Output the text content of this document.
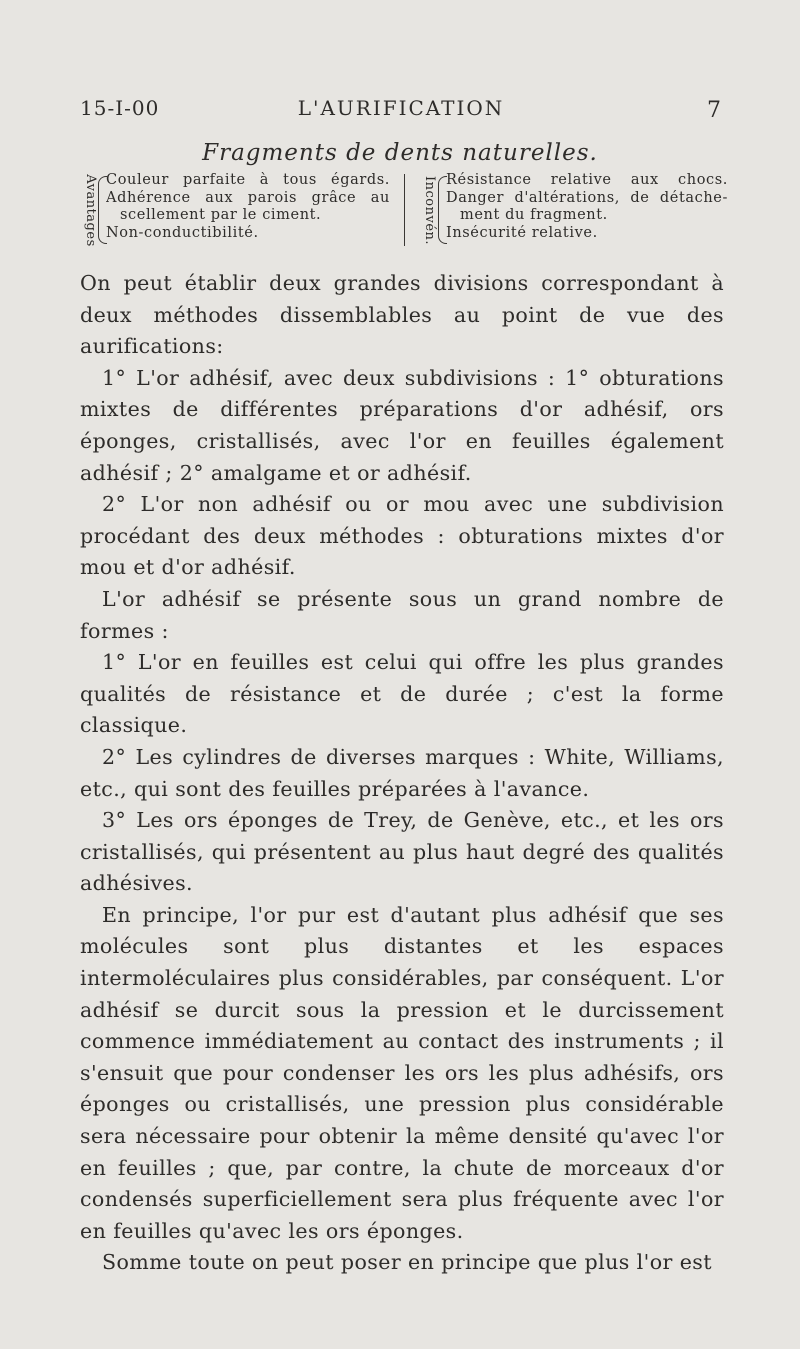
L'AURIFICATION
15-I-00	7
Fragments de dents naturelles.
Avantages Couleur parfaite à tous égards.
Adhérence aux parois grâce au
scellement par le ciment.
Non-conductibilité.	Inconvén. Résistance relative aux chocs.
Danger d'altérations, de détache-
ment du fragment.
Insécurité relative.

On peut établir deux grandes divisions correspondant à deux méthodes dissemblables au point de vue des aurifications:

1° L'or adhésif, avec deux subdivisions : 1° obturations mixtes de différentes préparations d'or adhésif, ors éponges, cristallisés, avec l'or en feuilles également adhésif ; 2° amalgame et or adhésif.

2° L'or non adhésif ou or mou avec une subdivision procédant des deux méthodes : obturations mixtes d'or mou et d'or adhésif.

L'or adhésif se présente sous un grand nombre de formes :

1° L'or en feuilles est celui qui offre les plus grandes qualités de résistance et de durée ; c'est la forme classique.

2° Les cylindres de diverses marques : White, Williams, etc., qui sont des feuilles préparées à l'avance.

3° Les ors éponges de Trey, de Genève, etc., et les ors cristallisés, qui présentent au plus haut degré des qualités adhésives.

En principe, l'or pur est d'autant plus adhésif que ses molécules sont plus distantes et les espaces intermoléculaires plus considérables, par conséquent. L'or adhésif se durcit sous la pression et le durcissement commence immédiatement au contact des instruments ; il s'ensuit que pour condenser les ors les plus adhésifs, ors éponges ou cristallisés, une pression plus considérable sera nécessaire pour obtenir la même densité qu'avec l'or en feuilles ; que, par contre, la chute de morceaux d'or condensés superficiellement sera plus fréquente avec l'or en feuilles qu'avec les ors éponges.

Somme toute on peut poser en principe que plus l'or est
